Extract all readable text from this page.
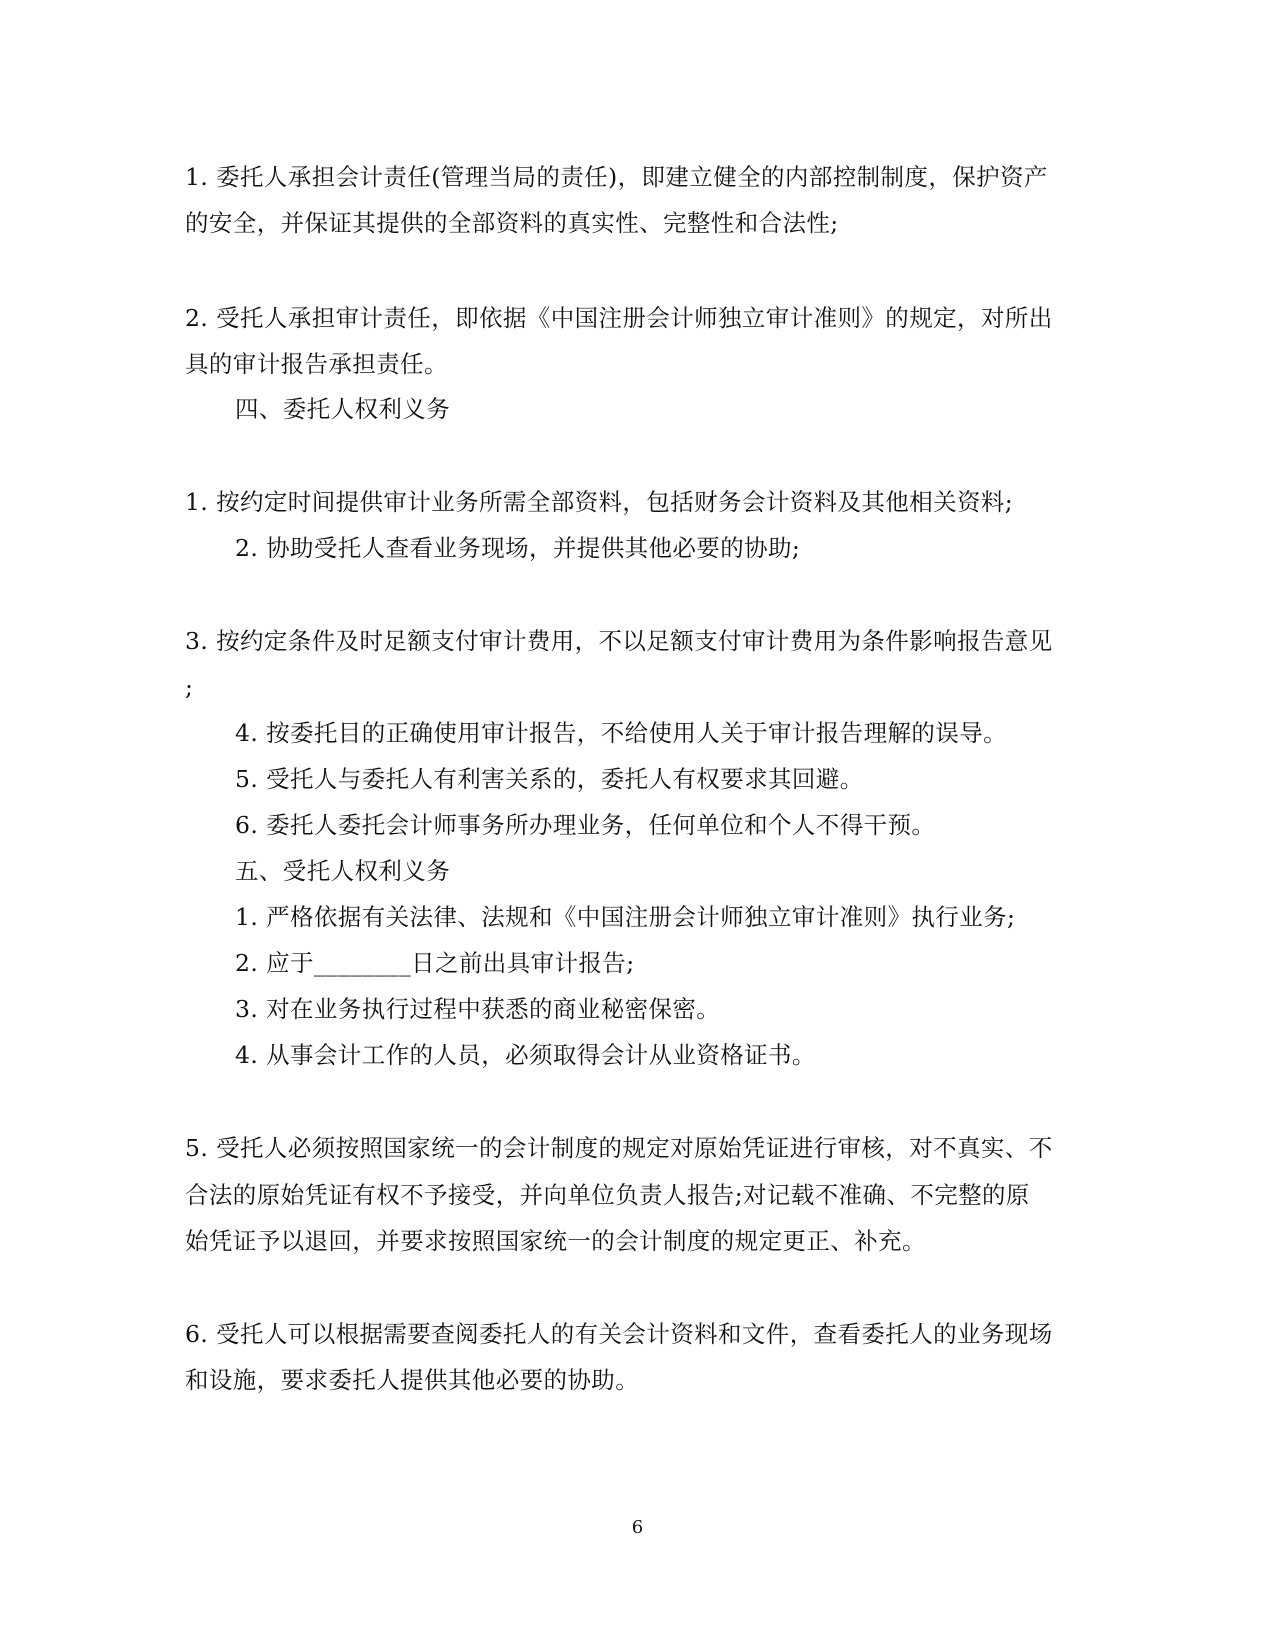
1. 委托人承担会计责任(管理当局的责任)，即建立健全的内部控制制度，保护资产
的安全，并保证其提供的全部资料的真实性、完整性和合法性;
2. 受托人承担审计责任，即依据《中国注册会计师独立审计准则》的规定，对所出
具的审计报告承担责任。
四、委托人权利义务
1. 按约定时间提供审计业务所需全部资料，包括财务会计资料及其他相关资料;
2. 协助受托人查看业务现场，并提供其他必要的协助;
3. 按约定条件及时足额支付审计费用，不以足额支付审计费用为条件影响报告意见
;
4. 按委托目的正确使用审计报告，不给使用人关于审计报告理解的误导。
5. 受托人与委托人有利害关系的，委托人有权要求其回避。
6. 委托人委托会计师事务所办理业务，任何单位和个人不得干预。
五、受托人权利义务
1. 严格依据有关法律、法规和《中国注册会计师独立审计准则》执行业务;
2. 应于________日之前出具审计报告;
3. 对在业务执行过程中获悉的商业秘密保密。
4. 从事会计工作的人员，必须取得会计从业资格证书。
5. 受托人必须按照国家统一的会计制度的规定对原始凭证进行审核，对不真实、不
合法的原始凭证有权不予接受，并向单位负责人报告;对记载不准确、不完整的原
始凭证予以退回，并要求按照国家统一的会计制度的规定更正、补充。
6. 受托人可以根据需要查阅委托人的有关会计资料和文件，查看委托人的业务现场
和设施，要求委托人提供其他必要的协助。
6
